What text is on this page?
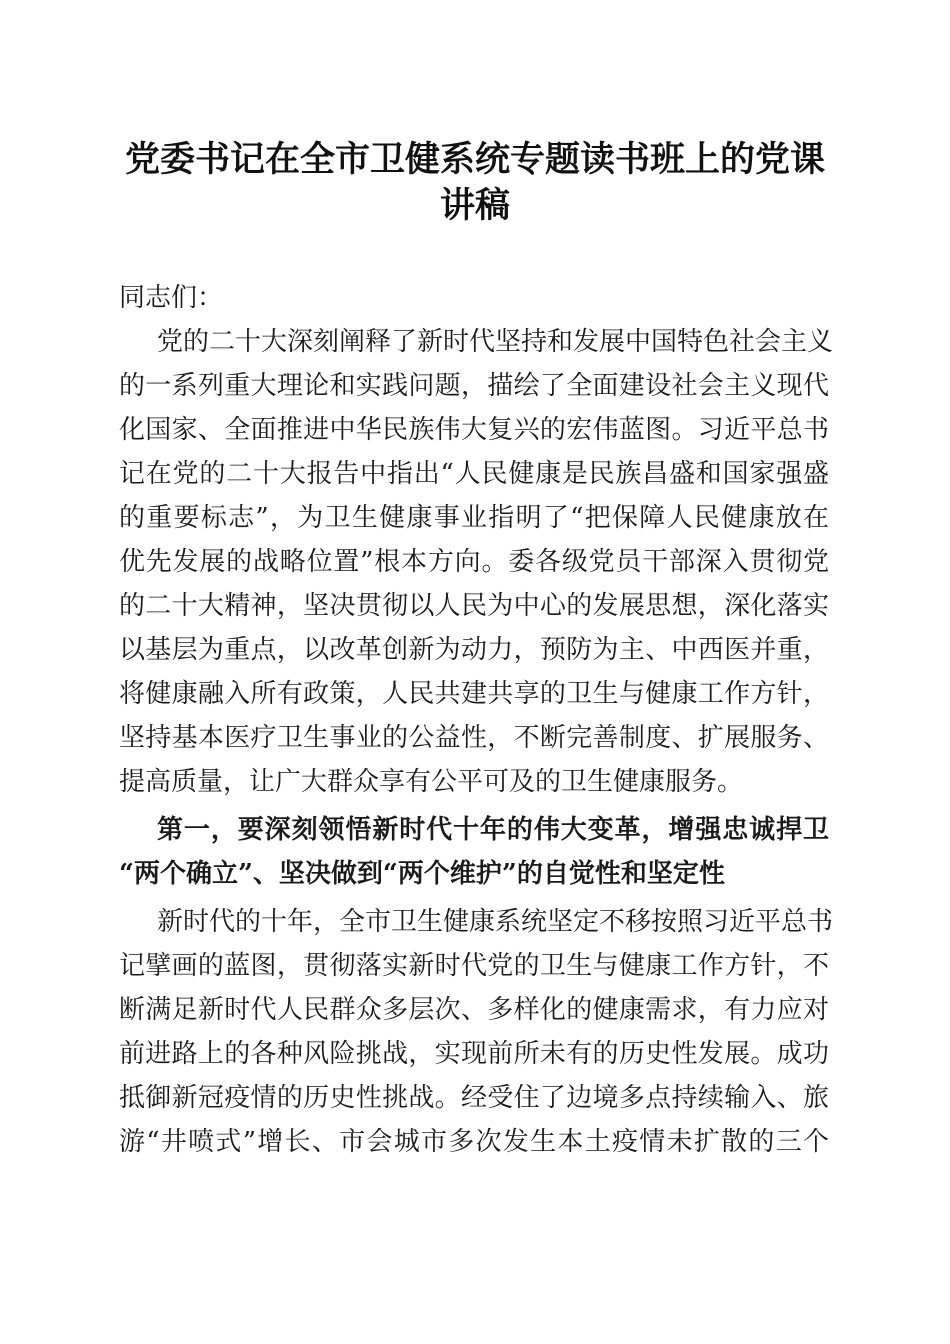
党委书记在全市卫健系统专题读书班上的党课
讲稿
同志们：
党的二十大深刻阐释了新时代坚持和发展中国特色社会主义
的一系列重大理论和实践问题，描绘了全面建设社会主义现代
化国家、全面推进中华民族伟大复兴的宏伟蓝图。习近平总书
记在党的二十大报告中指出“人民健康是民族昌盛和国家强盛
的重要标志”，为卫生健康事业指明了“把保障人民健康放在
优先发展的战略位置”根本方向。委各级党员干部深入贯彻党
的二十大精神，坚决贯彻以人民为中心的发展思想，深化落实
以基层为重点，以改革创新为动力，预防为主、中西医并重，
将健康融入所有政策，人民共建共享的卫生与健康工作方针，
坚持基本医疗卫生事业的公益性，不断完善制度、扩展服务、
提高质量，让广大群众享有公平可及的卫生健康服务。
第一，要深刻领悟新时代十年的伟大变革，增强忠诚捍卫
“两个确立”、坚决做到“两个维护”的自觉性和坚定性
新时代的十年，全市卫生健康系统坚定不移按照习近平总书
记擘画的蓝图，贯彻落实新时代党的卫生与健康工作方针，不
断满足新时代人民群众多层次、多样化的健康需求，有力应对
前进路上的各种风险挑战，实现前所未有的历史性发展。成功
抵御新冠疫情的历史性挑战。经受住了边境多点持续输入、旅
游“井喷式”增长、市会城市多次发生本土疫情未扩散的三个
